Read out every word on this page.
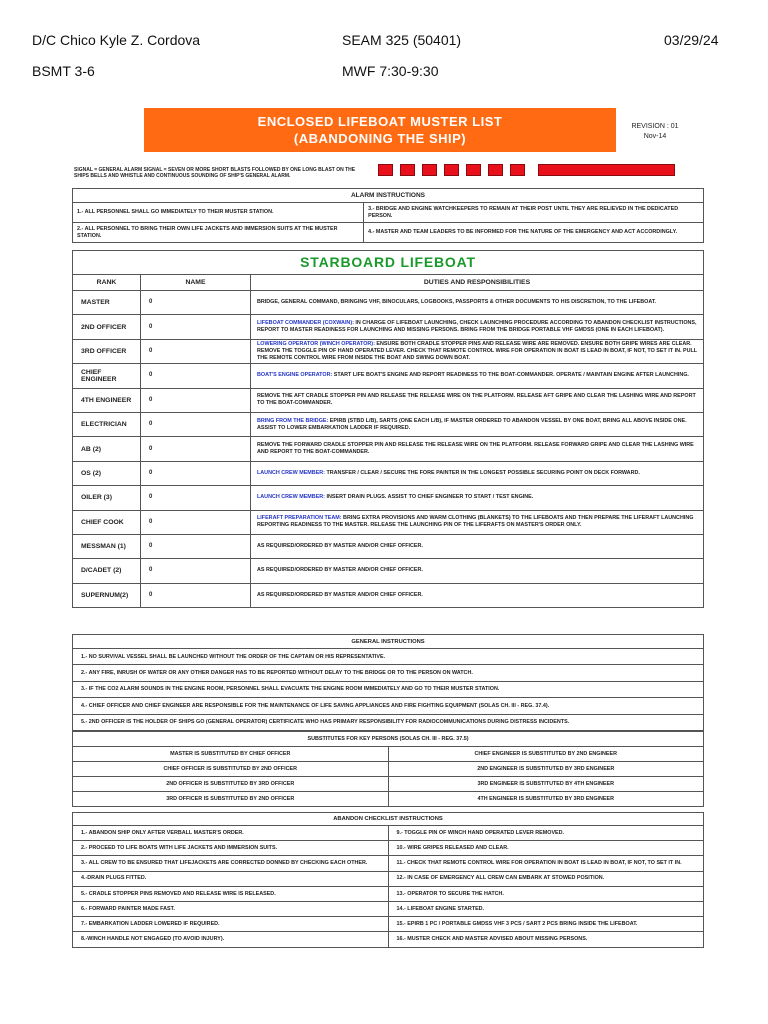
D/C Chico Kyle Z. Cordova	SEAM 325 (50401)	03/29/24
BSMT 3-6	MWF 7:30-9:30
ENCLOSED LIFEBOAT MUSTER LIST
(ABANDONING THE SHIP)
REVISION : 01
Nov-14
SIGNAL = GENERAL ALARM SIGNAL = SEVEN OR MORE SHORT BLASTS FOLLOWED BY ONE LONG BLAST ON THE SHIPS BELLS AND WHISTLE AND CONTINUOUS SOUNDING OF SHIP'S GENERAL ALARM.
ALARM INSTRUCTIONS	
1.- ALL PERSONNEL SHALL GO IMMEDIATELY TO THEIR MUSTER STATION.	3.- BRIDGE AND ENGINE WATCHKEEPERS TO REMAIN AT THEIR POST UNTIL THEY ARE RELIEVED IN THE DEDICATED PERSON.
2.- ALL PERSONNEL TO BRING THEIR OWN LIFE JACKETS AND IMMERSION SUITS AT THE MUSTER STATION.	4.- MASTER AND TEAM LEADERS TO BE INFORMED FOR THE NATURE OF THE EMERGENCY AND ACT ACCORDINGLY.
STARBOARD LIFEBOAT		
RANK	NAME	DUTIES AND RESPONSIBILITIES
MASTER	0	BRIDGE, GENERAL COMMAND, BRINGING VHF, BINOCULARS, LOGBOOKS, PASSPORTS & OTHER DOCUMENTS TO HIS DISCRETION, TO THE LIFEBOAT.
2ND OFFICER	0	LIFEBOAT COMMANDER (COXWAIN): IN CHARGE OF LIFEBOAT LAUNCHING, CHECK LAUNCHING PROCEDURE ACCORDING TO ABANDON CHECKLIST INSTRUCTIONS, REPORT TO MASTER READINESS FOR LAUNCHING AND MISSING PERSONS. BRING FROM THE BRIDGE PORTABLE VHF GMDSS (ONE IN EACH LIFEBOAT).
3RD OFFICER	0	LOWERING OPERATOR (WINCH OPERATOR): ENSURE BOTH CRADLE STOPPER PINS AND RELEASE WIRE ARE REMOVED. ENSURE BOTH GRIPE WIRES ARE CLEAR. REMOVE THE TOGGLE PIN OF HAND OPERATED LEVER. CHECK THAT REMOTE CONTROL WIRE FOR OPERATION IN BOAT IS LEAD IN BOAT, IF NOT, TO SET IT IN. PULL THE REMOTE CONTROL WIRE FROM INSIDE THE BOAT AND SWING DOWN BOAT.
CHIEF ENGINEER	0	BOAT'S ENGINE OPERATOR: START LIFE BOAT'S ENGINE AND REPORT READINESS TO THE BOAT-COMMANDER. OPERATE / MAINTAIN ENGINE AFTER LAUNCHING.
4TH ENGINEER	0	REMOVE THE AFT CRADLE STOPPER PIN AND RELEASE THE RELEASE WIRE ON THE PLATFORM. RELEASE AFT GRIPE AND CLEAR THE LASHING WIRE AND REPORT TO THE BOAT-COMMANDER.
ELECTRICIAN	0	BRING FROM THE BRIDGE: EPIRB (STBD L/B), SARTS (ONE EACH L/B), IF MASTER ORDERED TO ABANDON VESSEL BY ONE BOAT, BRING ALL ABOVE INSIDE ONE. ASSIST TO LOWER EMBARKATION LADDER IF REQUIRED.
AB (2)	0	REMOVE THE FORWARD CRADLE STOPPER PIN AND RELEASE THE RELEASE WIRE ON THE PLATFORM. RELEASE FORWARD GRIPE AND CLEAR THE LASHING WIRE AND REPORT TO THE BOAT-COMMANDER.
OS (2)	0	LAUNCH CREW MEMBER: TRANSFER / CLEAR / SECURE THE FORE PAINTER IN THE LONGEST POSSIBLE SECURING POINT ON DECK FORWARD.
OILER (3)	0	LAUNCH CREW MEMBER: INSERT DRAIN PLUGS. ASSIST TO CHIEF ENGINEER TO START / TEST ENGINE.
CHIEF COOK	0	LIFERAFT PREPARATION TEAM: BRING EXTRA PROVISIONS AND WARM CLOTHING (BLANKETS) TO THE LIFEBOATS AND THEN PREPARE THE LIFERAFT LAUNCHING REPORTING READINESS TO THE MASTER. RELEASE THE LAUNCHING PIN OF THE LIFERAFTS ON MASTER'S ORDER ONLY.
MESSMAN (1)	0	AS REQUIRED/ORDERED BY MASTER AND/OR CHIEF OFFICER.
D/CADET (2)	0	AS REQUIRED/ORDERED BY MASTER AND/OR CHIEF OFFICER.
SUPERNUM(2)	0	AS REQUIRED/ORDERED BY MASTER AND/OR CHIEF OFFICER.
GENERAL INSTRUCTIONS
1.- NO SURVIVAL VESSEL SHALL BE LAUNCHED WITHOUT THE ORDER OF THE CAPTAIN OR HIS REPRESENTATIVE.
2.- ANY FIRE, INRUSH OF WATER OR ANY OTHER DANGER HAS TO BE REPORTED WITHOUT DELAY TO THE BRIDGE OR TO THE PERSON ON WATCH.
3.- IF THE CO2 ALARM SOUNDS IN THE ENGINE ROOM, PERSONNEL SHALL EVACUATE THE ENGINE ROOM IMMEDIATELY AND GO TO THEIR MUSTER STATION.
4.- CHIEF OFFICER AND CHIEF ENGINEER ARE RESPONSIBLE FOR THE MAINTENANCE OF LIFE SAVING APPLIANCES AND FIRE FIGHTING EQUIPMENT (SOLAS CH. III - REG. 37.4).
5.- 2ND OFFICER IS THE HOLDER OF SHIPS GO (GENERAL OPERATOR) CERTIFICATE WHO HAS PRIMARY RESPONSIBILITY FOR RADIOCOMMUNICATIONS DURING DISTRESS INCIDENTS.
SUBSTITUTES FOR KEY PERSONS (SOLAS CH. III - REG. 37.5)	
MASTER IS SUBSTITUTED BY CHIEF OFFICER	CHIEF ENGINEER IS SUBSTITUTED BY 2ND ENGINEER
CHIEF OFFICER IS SUBSTITUTED BY 2ND OFFICER	2ND ENGINEER IS SUBSTITUTED BY 3RD ENGINEER
2ND OFFICER IS SUBSTITUTED BY 3RD OFFICER	3RD ENGINEER IS SUBSTITUTED BY 4TH ENGINEER
3RD OFFICER IS SUBSTITUTED BY 2ND OFFICER	4TH ENGINEER IS SUBSTITUTED BY 3RD ENGINEER
ABANDON CHECKLIST INSTRUCTIONS	
1.- ABANDON SHIP ONLY AFTER VERBALL MASTER'S ORDER.	9.- TOGGLE PIN OF WINCH HAND OPERATED LEVER REMOVED.
2.- PROCEED TO LIFE BOATS WITH LIFE JACKETS AND IMMERSION SUITS.	10.- WIRE GRIPES RELEASED AND CLEAR.
3.- ALL CREW TO BE ENSURED THAT LIFEJACKETS ARE CORRECTED DONNED BY CHECKING EACH OTHER.	11.- CHECK THAT REMOTE CONTROL WIRE FOR OPERATION IN BOAT IS LEAD IN BOAT, IF NOT, TO SET IT IN.
4.-DRAIN PLUGS FITTED.	12.- IN CASE OF EMERGENCY ALL CREW CAN EMBARK AT STOWED POSITION.
5.- CRADLE STOPPER PINS REMOVED AND RELEASE WIRE IS RELEASED.	13.- OPERATOR TO SECURE THE HATCH.
6.- FORWARD PAINTER MADE FAST.	14.- LIFEBOAT ENGINE STARTED.
7.- EMBARKATION LADDER LOWERED IF REQUIRED.	15.- EPIRB 1 PC / PORTABLE GMDSS VHF 3 PCS / SART 2 PCS BRING INSIDE THE LIFEBOAT.
8.-WINCH HANDLE NOT ENGAGED (TO AVOID INJURY).	16.- MUSTER CHECK AND MASTER ADVISED ABOUT MISSING PERSONS.
